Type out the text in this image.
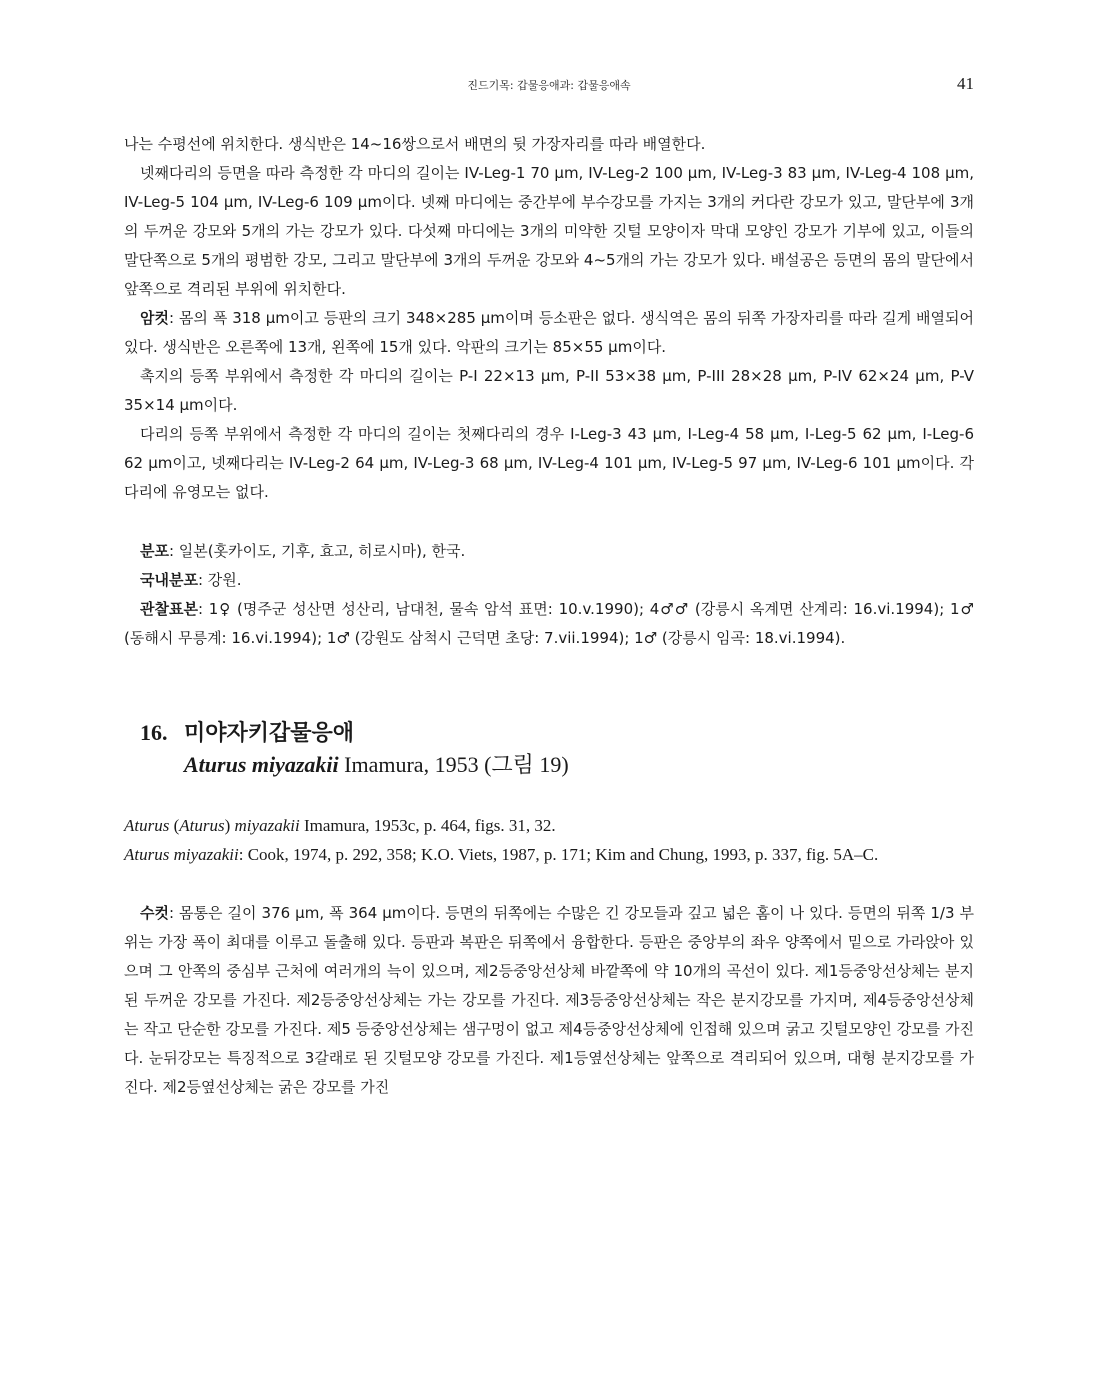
진드기목: 갑물응애과: 갑물응애속	41

나는 수평선에 위치한다. 생식반은 14~16쌍으로서 배면의 뒷 가장자리를 따라 배열한다.

넷째다리의 등면을 따라 측정한 각 마디의 길이는 IV-Leg-1 70 μm, IV-Leg-2 100 μm, IV-Leg-3 83 μm, IV-Leg-4 108 μm, IV-Leg-5 104 μm, IV-Leg-6 109 μm이다. 넷째 마디에는 중간부에 부수강모를 가지는 3개의 커다란 강모가 있고, 말단부에 3개의 두꺼운 강모와 5개의 가는 강모가 있다. 다섯째 마디에는 3개의 미약한 깃털 모양이자 막대 모양인 강모가 기부에 있고, 이들의 말단쪽으로 5개의 평범한 강모, 그리고 말단부에 3개의 두꺼운 강모와 4~5개의 가는 강모가 있다. 배설공은 등면의 몸의 말단에서 앞쪽으로 격리된 부위에 위치한다.

암컷: 몸의 폭 318 μm이고 등판의 크기 348×285 μm이며 등소판은 없다. 생식역은 몸의 뒤쪽 가장자리를 따라 길게 배열되어 있다. 생식반은 오른쪽에 13개, 왼쪽에 15개 있다. 악판의 크기는 85×55 μm이다.

촉지의 등쪽 부위에서 측정한 각 마디의 길이는 P-I 22×13 μm, P-II 53×38 μm, P-III 28×28 μm, P-IV 62×24 μm, P-V 35×14 μm이다.

다리의 등쪽 부위에서 측정한 각 마디의 길이는 첫째다리의 경우 I-Leg-3 43 μm, I-Leg-4 58 μm, I-Leg-5 62 μm, I-Leg-6 62 μm이고, 넷째다리는 IV-Leg-2 64 μm, IV-Leg-3 68 μm, IV-Leg-4 101 μm, IV-Leg-5 97 μm, IV-Leg-6 101 μm이다. 각 다리에 유영모는 없다.

분포: 일본(홋카이도, 기후, 효고, 히로시마), 한국.

국내분포: 강원.

관찰표본: 1♀ (명주군 성산면 성산리, 남대천, 물속 암석 표면: 10.v.1990); 4♂♂ (강릉시 옥계면 산계리: 16.vi.1994); 1♂ (동해시 무릉계: 16.vi.1994); 1♂ (강원도 삼척시 근덕면 초당: 7.vii.1994); 1♂ (강릉시 임곡: 18.vi.1994).

16. 미야자키갑물응애
Aturus miyazakii Imamura, 1953 (그림 19)

Aturus (Aturus) miyazakii Imamura, 1953c, p. 464, figs. 31, 32.

Aturus miyazakii: Cook, 1974, p. 292, 358; K.O. Viets, 1987, p. 171; Kim and Chung, 1993, p. 337, fig. 5A–C.

수컷: 몸통은 길이 376 μm, 폭 364 μm이다. 등면의 뒤쪽에는 수많은 긴 강모들과 깊고 넓은 홈이 나 있다. 등면의 뒤쪽 1/3 부위는 가장 폭이 최대를 이루고 돌출해 있다. 등판과 복판은 뒤쪽에서 융합한다. 등판은 중앙부의 좌우 양쪽에서 밑으로 가라앉아 있으며 그 안쪽의 중심부 근처에 여러개의 늑이 있으며, 제2등중앙선상체 바깥쪽에 약 10개의 곡선이 있다. 제1등중앙선상체는 분지된 두꺼운 강모를 가진다. 제2등중앙선상체는 가는 강모를 가진다. 제3등중앙선상체는 작은 분지강모를 가지며, 제4등중앙선상체는 작고 단순한 강모를 가진다. 제5 등중앙선상체는 샘구멍이 없고 제4등중앙선상체에 인접해 있으며 굵고 깃털모양인 강모를 가진다. 눈뒤강모는 특징적으로 3갈래로 된 깃털모양 강모를 가진다. 제1등옆선상체는 앞쪽으로 격리되어 있으며, 대형 분지강모를 가진다. 제2등옆선상체는 굵은 강모를 가진
